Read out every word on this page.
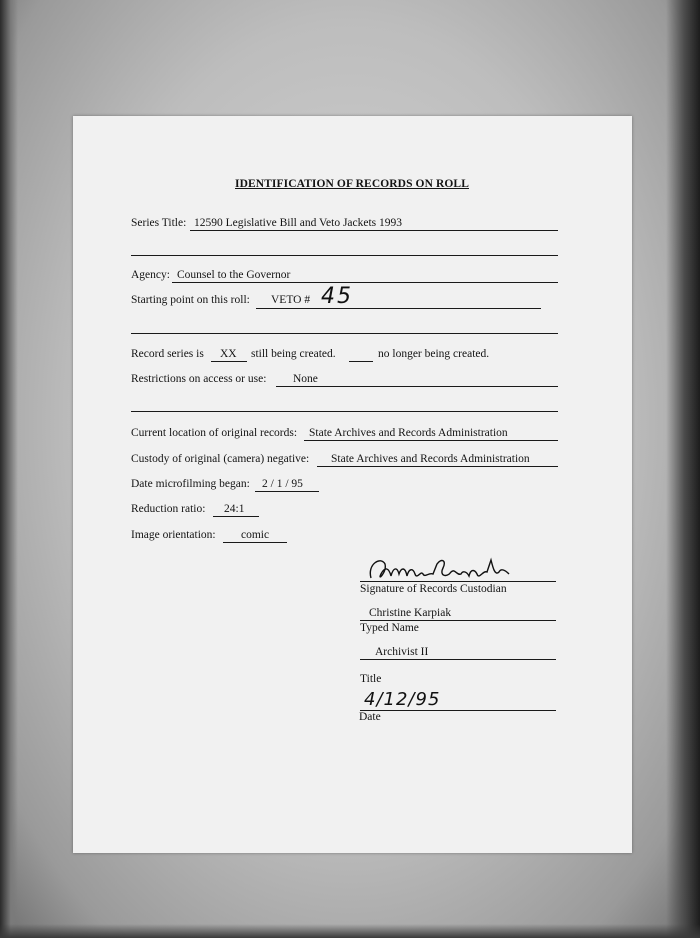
IDENTIFICATION OF RECORDS ON ROLL
Series Title: 12590 Legislative Bill and Veto Jackets 1993
Agency: Counsel to the Governor
Starting point on this roll: VETO # 45
Record series is XX still being created.	no longer being created.
Restrictions on access or use: None
Current location of original records: State Archives and Records Administration
Custody of original (camera) negative: State Archives and Records Administration
Date microfilming began: 2 / 1 / 95
Reduction ratio: 24:1
Image orientation: comic
Signature of Records Custodian
Christine Karpiak
Typed Name
Archivist II
Title
4/12/95
Date
